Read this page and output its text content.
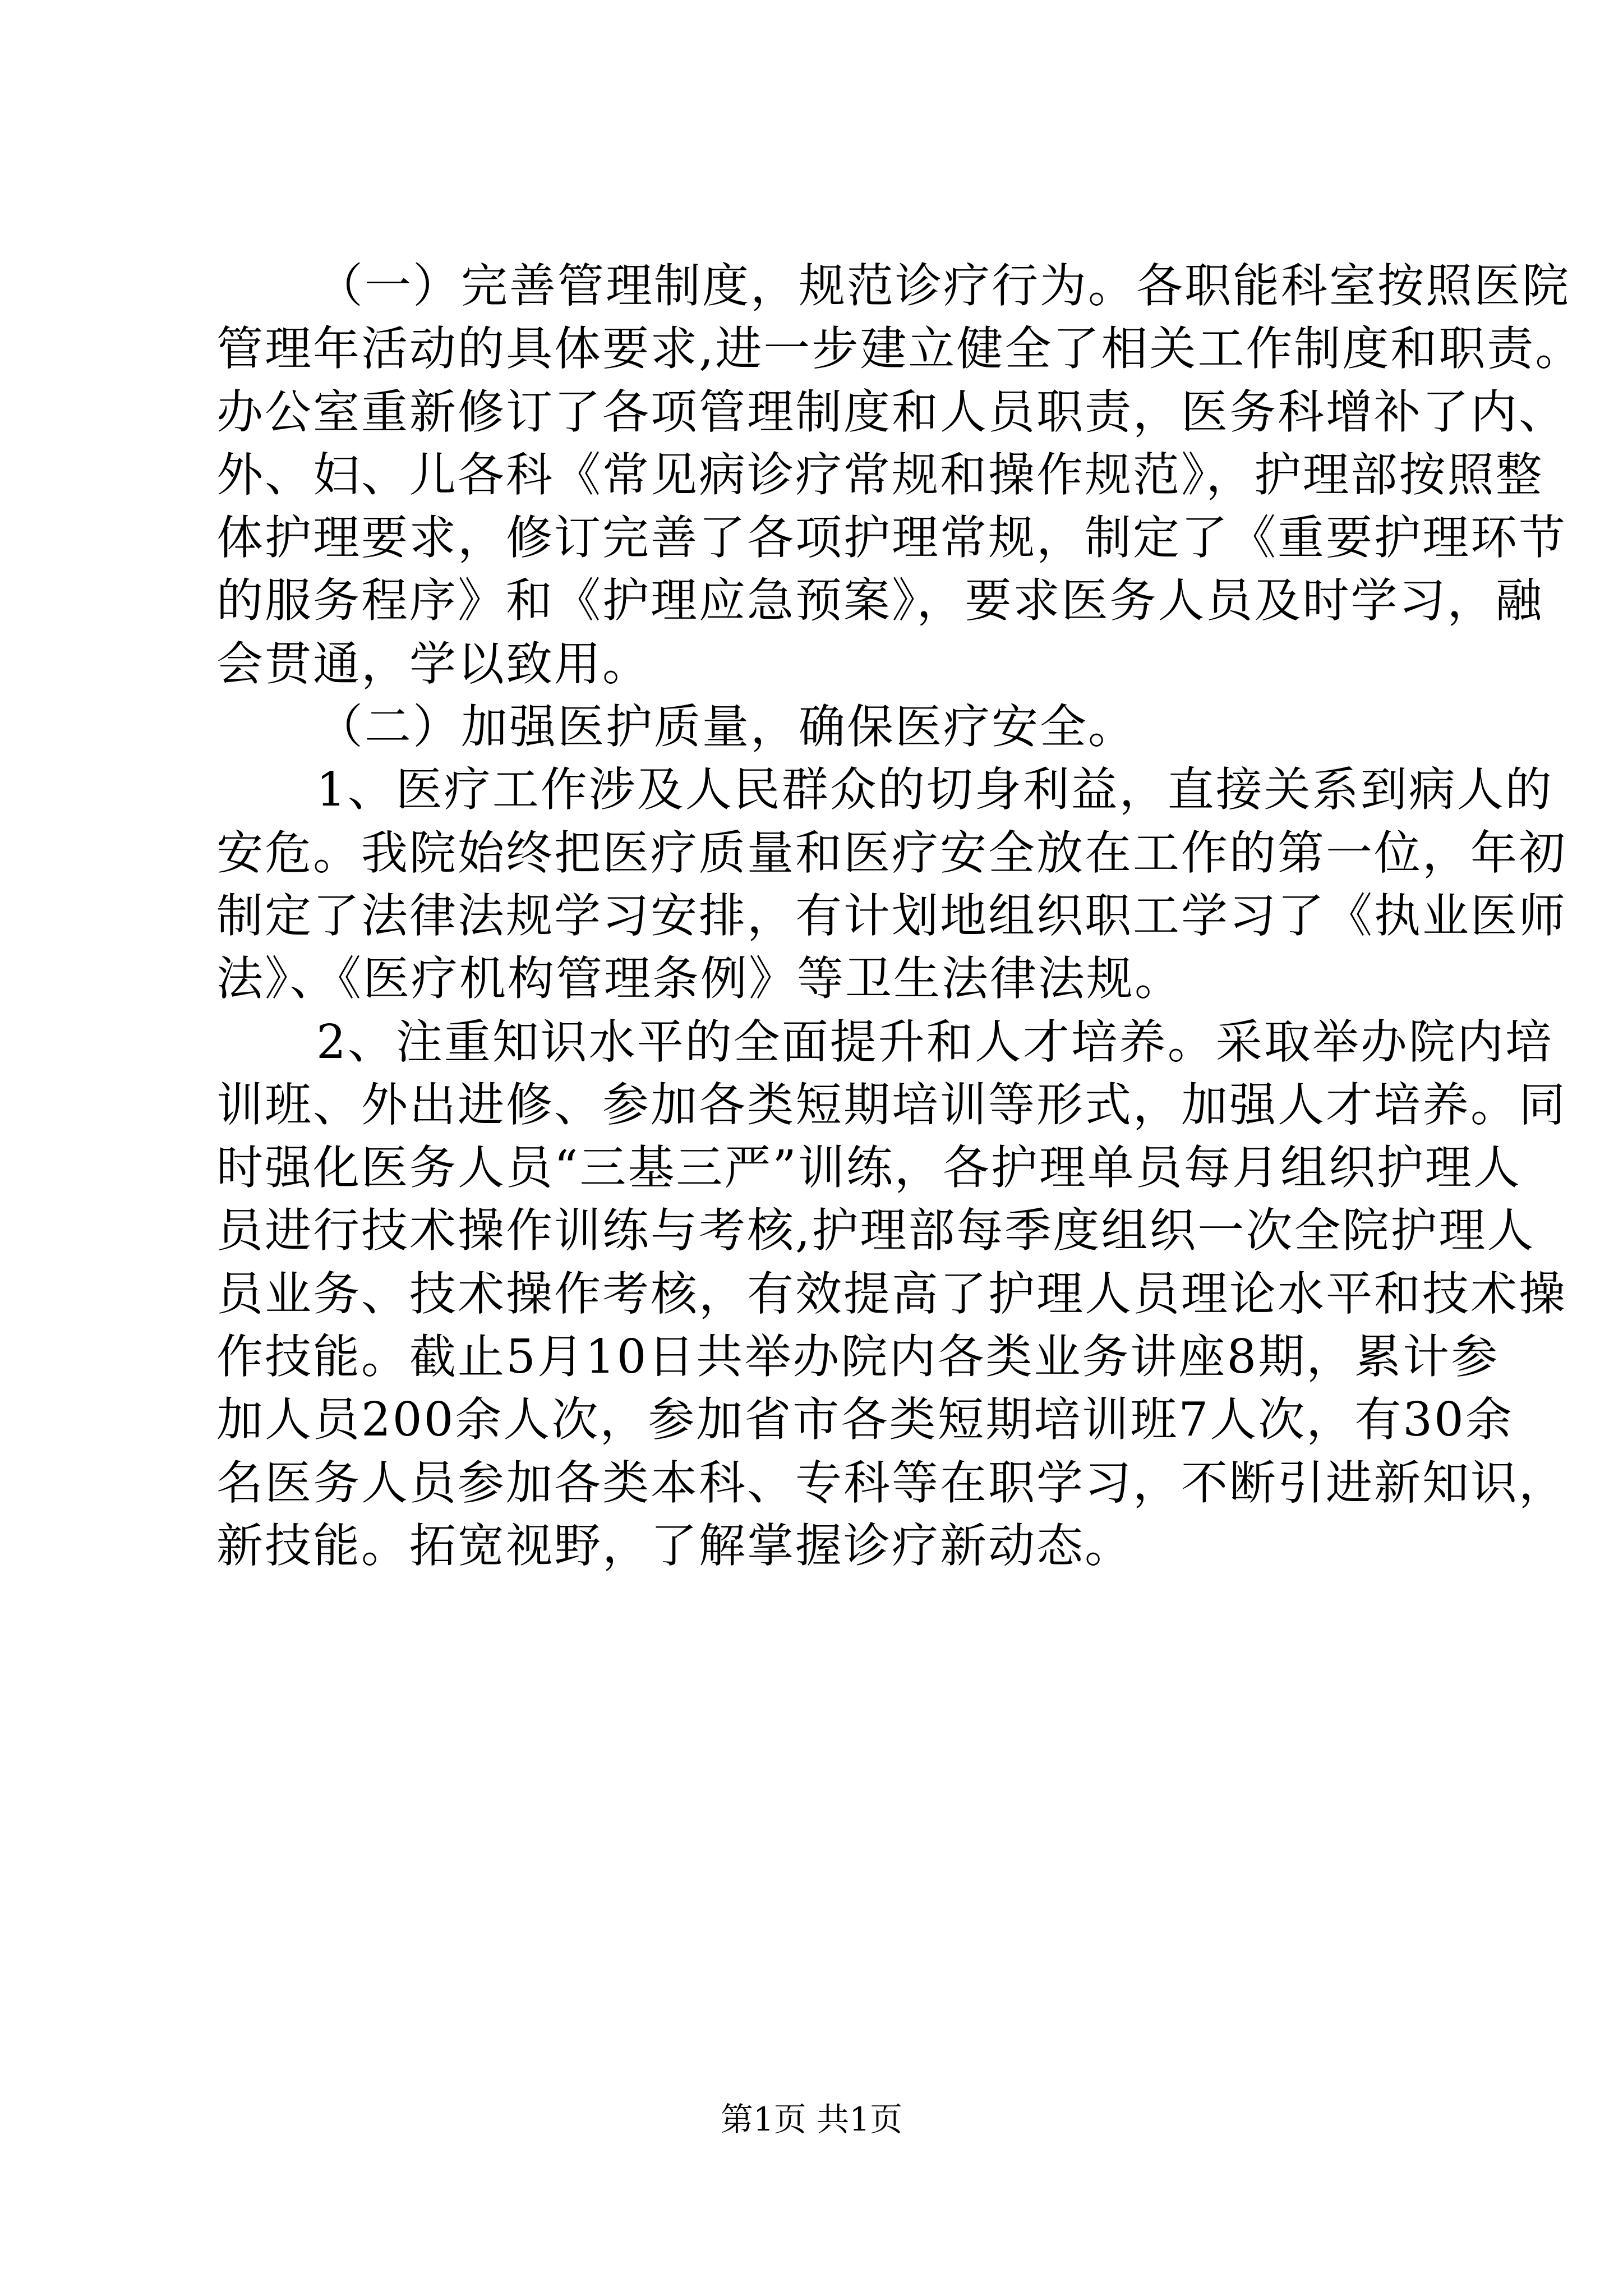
（一）完善管理制度，规范诊疗行为。各职能科室按照医院
管理年活动的具体要求,进一步建立健全了相关工作制度和职责。
办公室重新修订了各项管理制度和人员职责，医务科增补了内、
外、妇、儿各科《常见病诊疗常规和操作规范》，护理部按照整
体护理要求，修订完善了各项护理常规，制定了《重要护理环节
的服务程序》和《护理应急预案》，要求医务人员及时学习，融
会贯通，学以致用。
（二）加强医护质量，确保医疗安全。
1、医疗工作涉及人民群众的切身利益，直接关系到病人的
安危。我院始终把医疗质量和医疗安全放在工作的第一位，年初
制定了法律法规学习安排，有计划地组织职工学习了《执业医师
法》、《医疗机构管理条例》等卫生法律法规。
2、注重知识水平的全面提升和人才培养。采取举办院内培
训班、外出进修、参加各类短期培训等形式，加强人才培养。同
时强化医务人员“三基三严”训练，各护理单员每月组织护理人
员进行技术操作训练与考核,护理部每季度组织一次全院护理人
员业务、技术操作考核，有效提高了护理人员理论水平和技术操
作技能。截止5月10日共举办院内各类业务讲座8期，累计参
加人员200余人次，参加省市各类短期培训班7人次，有30余
名医务人员参加各类本科、专科等在职学习，不断引进新知识，
新技能。拓宽视野，了解掌握诊疗新动态。
第1页 共1页
